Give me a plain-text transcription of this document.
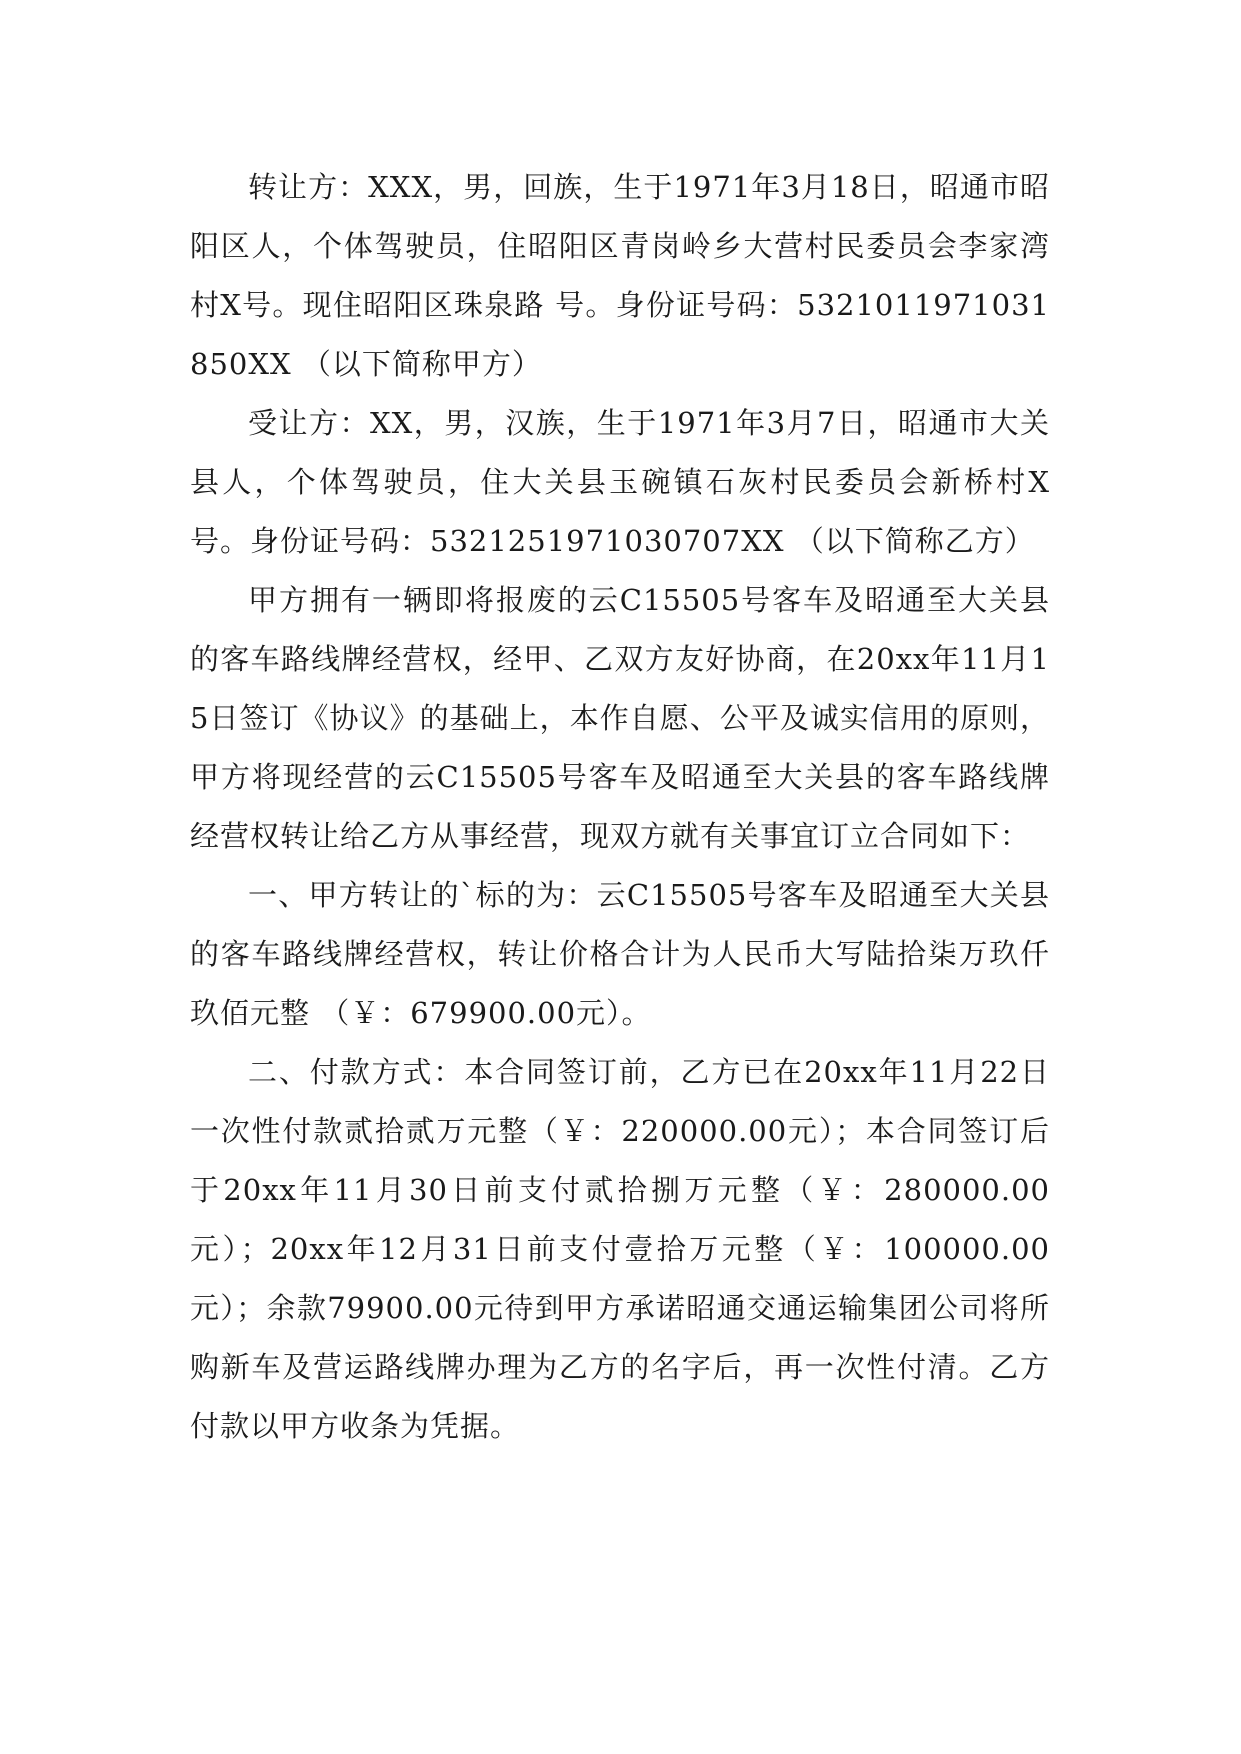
转让方：XXX，男，回族，生于1971年3月18日，昭通市昭阳区人，个体驾驶员，住昭阳区青岗岭乡大营村民委员会李家湾村X号。现住昭阳区珠泉路 号。身份证号码：5321011971031850XX （以下简称甲方）

受让方：XX，男，汉族，生于1971年3月7日，昭通市大关县人，个体驾驶员，住大关县玉碗镇石灰村民委员会新桥村X号。身份证号码：5321251971030707XX （以下简称乙方）

甲方拥有一辆即将报废的云C15505号客车及昭通至大关县的客车路线牌经营权，经甲、乙双方友好协商，在20xx年11月15日签订《协议》的基础上，本作自愿、公平及诚实信用的原则，甲方将现经营的云C15505号客车及昭通至大关县的客车路线牌经营权转让给乙方从事经营，现双方就有关事宜订立合同如下：

一、甲方转让的`标的为：云C15505号客车及昭通至大关县的客车路线牌经营权，转让价格合计为人民币大写陆拾柒万玖仟玖佰元整 （￥：679900.00元）。

二、付款方式：本合同签订前，乙方已在20xx年11月22日一次性付款贰拾贰万元整（￥：220000.00元）；本合同签订后于20xx年11月30日前支付贰拾捌万元整（￥：280000.00元）；20xx年12月31日前支付壹拾万元整（￥：100000.00元）；余款79900.00元待到甲方承诺昭通交通运输集团公司将所购新车及营运路线牌办理为乙方的名字后，再一次性付清。乙方付款以甲方收条为凭据。
